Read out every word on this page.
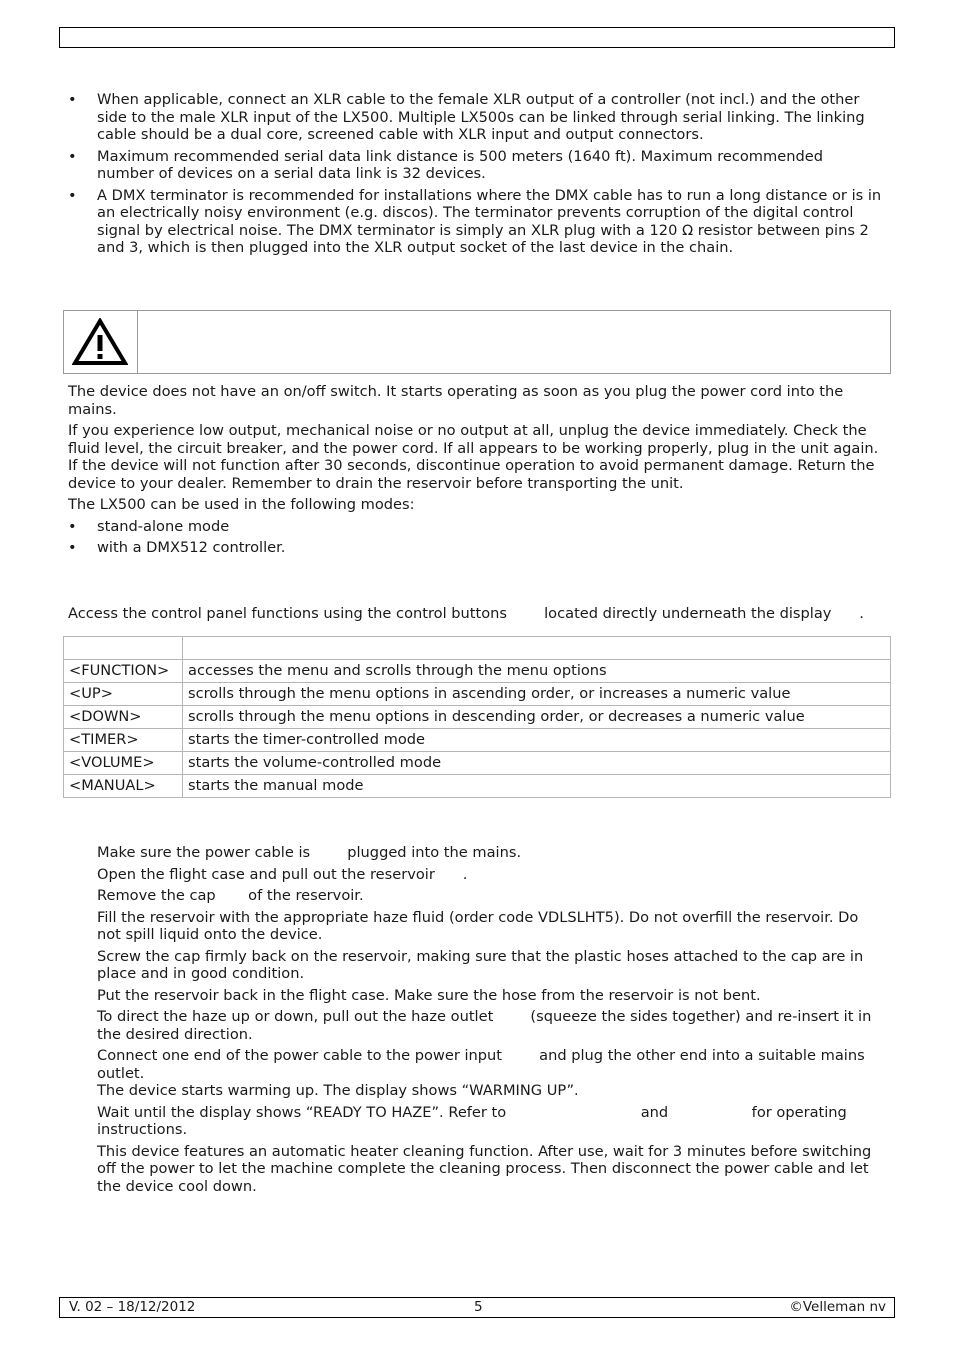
• When applicable, connect an XLR cable to the female XLR output of a controller (not incl.) and the other side to the male XLR input of the LX500. Multiple LX500s can be linked through serial linking. The linking cable should be a dual core, screened cable with XLR input and output connectors.
• Maximum recommended serial data link distance is 500 meters (1640 ft). Maximum recommended number of devices on a serial data link is 32 devices.
• A DMX terminator is recommended for installations where the DMX cable has to run a long distance or is in an electrically noisy environment (e.g. discos). The terminator prevents corruption of the digital control signal by electrical noise. The DMX terminator is simply an XLR plug with a 120 Ω resistor between pins 2 and 3, which is then plugged into the XLR output socket of the last device in the chain.

The device does not have an on/off switch. It starts operating as soon as you plug the power cord into the mains.

If you experience low output, mechanical noise or no output at all, unplug the device immediately. Check the fluid level, the circuit breaker, and the power cord. If all appears to be working properly, plug in the unit again. If the device will not function after 30 seconds, discontinue operation to avoid permanent damage. Return the device to your dealer. Remember to drain the reservoir before transporting the unit.

The LX500 can be used in the following modes:

• stand-alone mode
• with a DMX512 controller.
Access the control panel functions using the control buttons        located directly underneath the display      .

<FUNCTION>	accesses the menu and scrolls through the menu options
<UP>	scrolls through the menu options in ascending order, or increases a numeric value
<DOWN>	scrolls through the menu options in descending order, or decreases a numeric value
<TIMER>	starts the timer-controlled mode
<VOLUME>	starts the volume-controlled mode
<MANUAL>	starts the manual mode
Make sure the power cable is        plugged into the mains.
Open the flight case and pull out the reservoir      .
Remove the cap       of the reservoir.
Fill the reservoir with the appropriate haze fluid (order code VDLSLHT5). Do not overfill the reservoir. Do not spill liquid onto the device.
Screw the cap firmly back on the reservoir, making sure that the plastic hoses attached to the cap are in place and in good condition.
Put the reservoir back in the flight case. Make sure the hose from the reservoir is not bent.
To direct the haze up or down, pull out the haze outlet        (squeeze the sides together) and re-insert it in the desired direction.
Connect one end of the power cable to the power input        and plug the other end into a suitable mains outlet.
The device starts warming up. The display shows “WARMING UP”.
Wait until the display shows “READY TO HAZE”. Refer to                             and                  for operating instructions.
This device features an automatic heater cleaning function. After use, wait for 3 minutes before switching off the power to let the machine complete the cleaning process. Then disconnect the power cable and let the device cool down.
V. 02 – 18/12/2012	5	©Velleman nv
